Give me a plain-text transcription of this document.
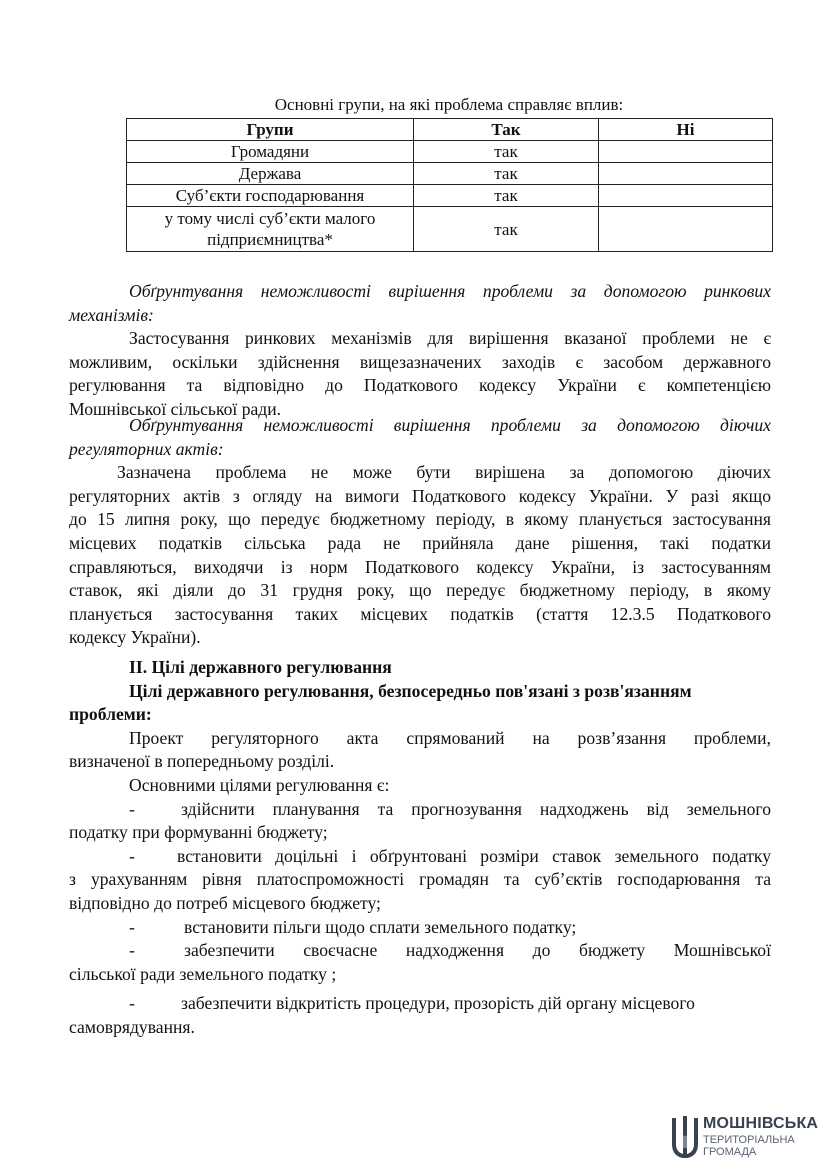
Основні групи, на які проблема справляє вплив:
Групи	Так	Ні
Громадяни	так	
Держава	так	
Суб’єкти господарювання	так	

у тому числі суб’єкти малого
підприємництва*	так	
Обґрунтування неможливості вирішення проблеми за допомогою ринкових
механізмів:
Застосування ринкових механізмів для вирішення вказаної проблеми не є
можливим, оскільки здійснення вищезазначених заходів є засобом державного
регулювання та відповідно до Податкового кодексу України є компетенцією
Мошнівської сільської ради.
Обґрунтування неможливості вирішення проблеми за допомогою діючих
регуляторних актів:
Зазначена проблема не може бути вирішена за допомогою діючих
регуляторних актів з огляду на вимоги Податкового кодексу України. У разі якщо
до 15 липня року, що передує бюджетному періоду, в якому планується застосування
місцевих податків сільська рада не прийняла дане рішення, такі податки
справляються, виходячи із норм Податкового кодексу України, із застосуванням
ставок, які діяли до 31 грудня року, що передує бюджетному періоду, в якому
планується застосування таких місцевих податків (стаття 12.3.5 Податкового
кодексу України).
ІІ. Цілі державного регулювання
Цілі державного регулювання, безпосередньо пов'язані з розв'язанням
проблеми:
Проект регуляторного акта спрямований на розв’язання проблеми,
визначеної в попередньому розділі.
Основними цілями регулювання є:
-	здійснити планування та прогнозування надходжень від земельного
податку при формуванні бюджету;
-	встановити доцільні і обґрунтовані розміри ставок земельного податку
з урахуванням рівня платоспроможності громадян та суб’єктів господарювання та
відповідно до потреб місцевого бюджету;
-	встановити пільги щодо сплати земельного податку;
-	забезпечити своєчасне надходження до бюджету Мошнівської
сільської ради земельного податку ;
-	забезпечити відкритість процедури, прозорість дій органу місцевого
самоврядування.
МОШНІВСЬКА
ТЕРИТОРІАЛЬНА
ГРОМАДА
